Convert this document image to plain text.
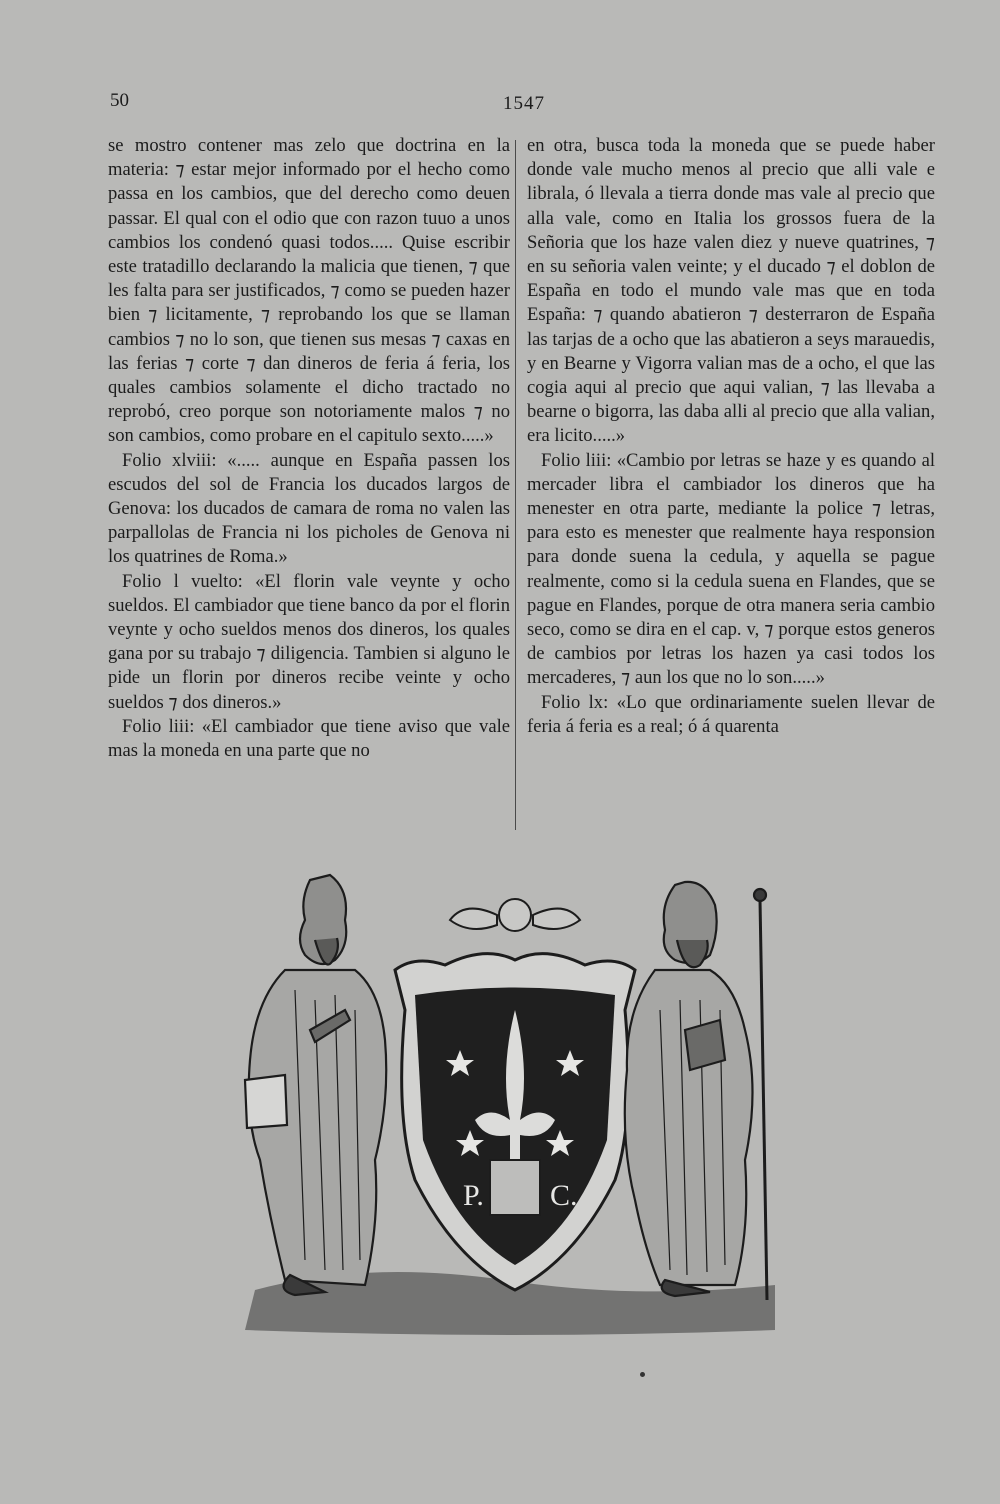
50	1547

se mostro contener mas zelo que doctrina en la materia: ⁊ estar mejor informado por el hecho como passa en los cambios, que del derecho como deuen passar. El qual con el odio que con razon tuuo a unos cambios los condenó quasi todos..... Quise escribir este tratadillo declarando la malicia que tienen, ⁊ que les falta para ser justificados, ⁊ como se pueden hazer bien ⁊ licitamente, ⁊ reprobando los que se llaman cambios ⁊ no lo son, que tienen sus mesas ⁊ caxas en las ferias ⁊ corte ⁊ dan dineros de feria á feria, los quales cambios solamente el dicho tractado no reprobó, creo porque son notoriamente malos ⁊ no son cambios, como probare en el capitulo sexto.....»

Folio xlviii: «..... aunque en España passen los escudos del sol de Francia los ducados largos de Genova: los ducados de camara de roma no valen las parpallolas de Francia ni los picholes de Genova ni los quatrines de Roma.»

Folio l vuelto: «El florin vale veynte y ocho sueldos. El cambiador que tiene banco da por el florin veynte y ocho sueldos menos dos dineros, los quales gana por su trabajo ⁊ diligencia. Tambien si alguno le pide un florin por dineros recibe veinte y ocho sueldos ⁊ dos dineros.»

Folio liii: «El cambiador que tiene aviso que vale mas la moneda en una parte que no

en otra, busca toda la moneda que se puede haber donde vale mucho menos al precio que alli vale e librala, ó llevala a tierra donde mas vale al precio que alla vale, como en Italia los grossos fuera de la Señoria que los haze valen diez y nueve quatrines, ⁊ en su señoria valen veinte; y el ducado ⁊ el doblon de España en todo el mundo vale mas que en toda España: ⁊ quando abatieron ⁊ desterraron de España las tarjas de a ocho que las abatieron a seys marauedis, y en Bearne y Vigorra valian mas de a ocho, el que las cogia aqui al precio que aqui valian, ⁊ las llevaba a bearne o bigorra, las daba alli al precio que alla valian, era licito.....»

Folio liii: «Cambio por letras se haze y es quando al mercader libra el cambiador los dineros que ha menester en otra parte, mediante la police ⁊ letras, para esto es menester que realmente haya responsion para donde suena la cedula, y aquella se pague realmente, como si la cedula suena en Flandes, que se pague en Flandes, porque de otra manera seria cambio seco, como se dira en el cap. v, ⁊ porque estos generos de cambios por letras los hazen ya casi todos los mercaderes, ⁊ aun los que no lo son.....»

Folio lx: «Lo que ordinariamente suelen llevar de feria á feria es a real; ó á quarenta

P. C.
